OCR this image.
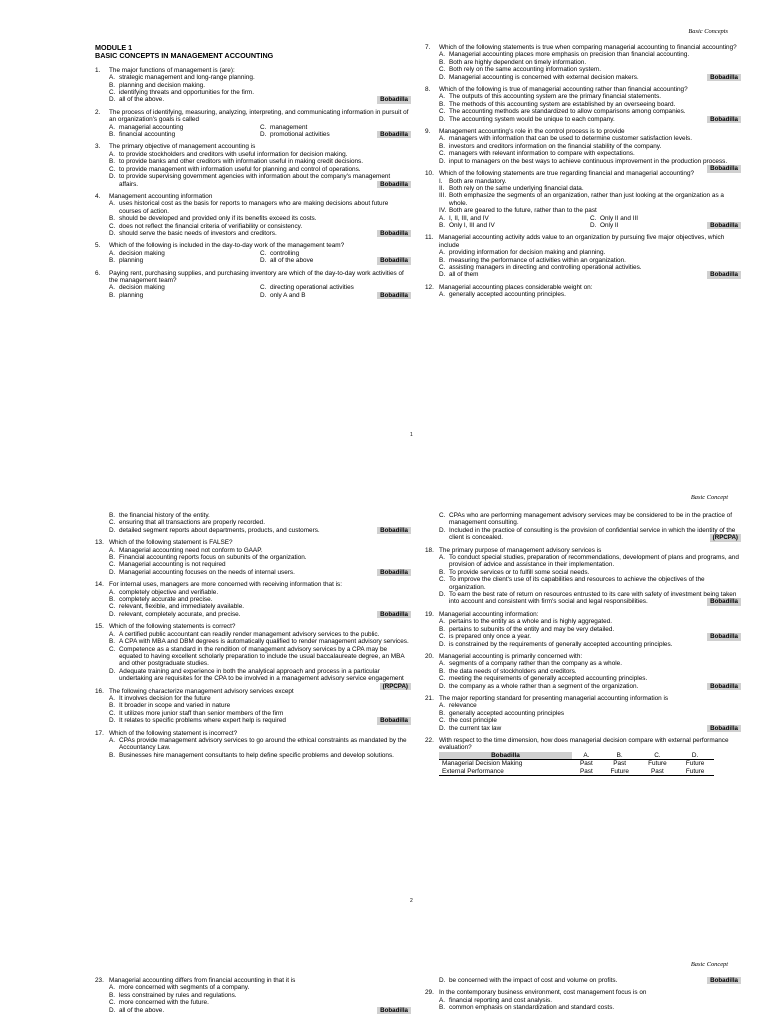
Basic Concepts
MODULE 1
BASIC CONCEPTS IN MANAGEMENT ACCOUNTING
1. The major functions of management is (are):
A. strategic management and long-range planning.
B. planning and decision making.
C. identifying threats and opportunities for the firm.
D. all of the above.	Bobadilla
2. The process of identifying, measuring, analyzing, interpreting, and communicating information in pursuit of an organization's goals is called
A. managerial accounting	C. management
B. financial accounting	D. promotional activities	Bobadilla
3. The primary objective of management accounting is
A. to provide stockholders and creditors with useful information for decision making.
B. to provide banks and other creditors with information useful in making credit decisions.
C. to provide management with information useful for planning and control of operations.
D. to provide supervising government agencies with information about the company's management affairs.	Bobadilla
4. Management accounting information
A. uses historical cost as the basis for reports to managers who are making decisions about future courses of action.
B. should be developed and provided only if its benefits exceed its costs.
C. does not reflect the financial criteria of verifiability or consistency.
D. should serve the basic needs of investors and creditors.	Bobadilla
5. Which of the following is included in the day-to-day work of the management team?
A. decision making	C. controlling
B. planning	D. all of the above	Bobadilla
6. Paying rent, purchasing supplies, and purchasing inventory are which of the day-to-day work activities of the management team?
A. decision making	C. directing operational activities
B. planning	D. only A and B	Bobadilla
7. Which of the following statements is true when comparing managerial accounting to financial accounting?
A. Managerial accounting places more emphasis on precision than financial accounting.
B. Both are highly dependent on timely information.
C. Both rely on the same accounting information system.
D. Managerial accounting is concerned with external decision makers.	Bobadilla
8. Which of the following is true of managerial accounting rather than financial accounting?
A. The outputs of this accounting system are the primary financial statements.
B. The methods of this accounting system are established by an overseeing board.
C. The accounting methods are standardized to allow comparisons among companies.
D. The accounting system would be unique to each company.	Bobadilla
9. Management accounting's role in the control process is to provide
A. managers with information that can be used to determine customer satisfaction levels.
B. investors and creditors information on the financial stability of the company.
C. managers with relevant information to compare with expectations.
D. input to managers on the best ways to achieve continuous improvement in the production process.
Bobadilla
10. Which of the following statements are true regarding financial and managerial accounting?
I. Both are mandatory.
II. Both rely on the same underlying financial data.
III. Both emphasize the segments of an organization, rather than just looking at the organization as a whole.
IV. Both are geared to the future, rather than to the past
A. I, II, III, and IV	C. Only II and III
B. Only I, III and IV	D. Only II	Bobadilla
11. Managerial accounting activity adds value to an organization by pursuing five major objectives, which include
A. providing information for decision making and planning.
B. measuring the performance of activities within an organization.
C. assisting managers in directing and controlling operational activities.
D. all of them	Bobadilla
12. Managerial accounting places considerable weight on:
A. generally accepted accounting principles.
1
Basic Concept
B. the financial history of the entity.
C. ensuring that all transactions are properly recorded.
D. detailed segment reports about departments, products, and customers.	Bobadilla
13. Which of the following statement is FALSE?
A. Managerial accounting need not conform to GAAP.
B. Financial accounting reports focus on subunits of the organization.
C. Managerial accounting is not required
D. Managerial accounting focuses on the needs of internal users.	Bobadilla
14. For internal uses, managers are more concerned with receiving information that is:
A. completely objective and verifiable.
B. completely accurate and precise.
C. relevant, flexible, and immediately available.
D. relevant, completely accurate, and precise.	Bobadilla
15. Which of the following statements is correct?
A. A certified public accountant can readily render management advisory services to the public.
B. A CPA with MBA and DBM degrees is automatically qualified to render management advisory services.
C. Competence as a standard in the rendition of management advisory services by a CPA may be equated to having excellent scholarly preparation to include the usual baccalaureate degree, an MBA and other postgraduate studies.
D. Adequate training and experience in both the analytical approach and process in a particular undertaking are requisites for the CPA to be involved in a management advisory service engagement
(RPCPA)
16. The following characterize management advisory services except
A. It involves decision for the future
B. It broader in scope and varied in nature
C. It utilizes more junior staff than senior members of the firm
D. It relates to specific problems where expert help is required	Bobadilla
17. Which of the following statement is incorrect?
A. CPAs provide management advisory services to go around the ethical constraints as mandated by the Accountancy Law.
B. Businesses hire management consultants to help define specific problems and develop solutions.
C. CPAs who are performing management advisory services may be considered to be in the practice of management consulting.
D. Included in the practice of consulting is the provision of confidential service in which the identity of the client is concealed.	(RPCPA)
18. The primary purpose of management advisory services is
A. To conduct special studies, preparation of recommendations, development of plans and programs, and provision of advice and assistance in their implementation.
B. To provide services or to fulfill some social needs.
C. To improve the client's use of its capabilities and resources to achieve the objectives of the organization.
D. To earn the best rate of return on resources entrusted to its care with safety of investment being taken into account and consistent with firm's social and legal responsibilities.	Bobadilla
19. Managerial accounting information:
A. pertains to the entity as a whole and is highly aggregated.
B. pertains to subunits of the entity and may be very detailed.
C. is prepared only once a year.	Bobadilla
D. is constrained by the requirements of generally accepted accounting principles.
20. Managerial accounting is primarily concerned with:
A. segments of a company rather than the company as a whole.
B. the data needs of stockholders and creditors.
C. meeting the requirements of generally accepted accounting principles.
D. the company as a whole rather than a segment of the organization.	Bobadilla
21. The major reporting standard for presenting managerial accounting information is
A. relevance
B. generally accepted accounting principles
C. the cost principle
D. the current tax law	Bobadilla
22. With respect to the time dimension, how does managerial decision compare with external performance evaluation?
Bobadilla	A.	B.	C.	D.
Managerial Decision Making	Past	Past	Future	Future
External Performance	Past	Future	Past	Future
2
Basic Concept
23. Managerial accounting differs from financial accounting in that it is
A. more concerned with segments of a company.
B. less constrained by rules and regulations.
C. more concerned with the future.
D. all of the above.	Bobadilla
D. be concerned with the impact of cost and volume on profits.	Bobadilla
29. In the contemporary business environment, cost management focus is on
A. financial reporting and cost analysis.
B. common emphasis on standardization and standard costs.
